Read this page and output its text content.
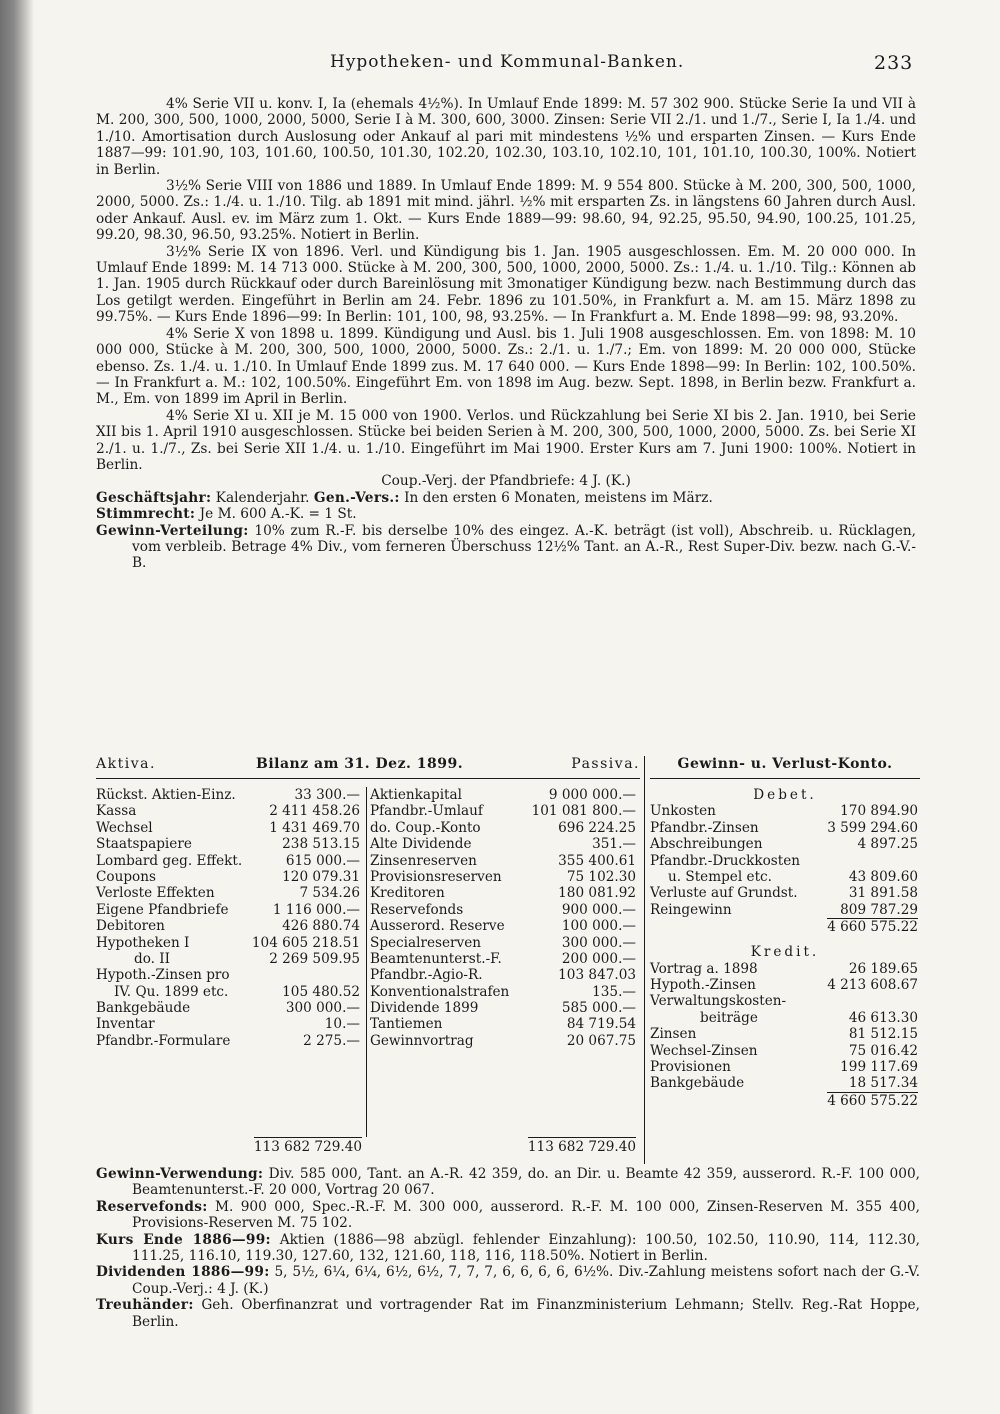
Hypotheken- und Kommunal-Banken.	233

4% Serie VII u. konv. I, Ia (ehemals 4½%). In Umlauf Ende 1899: M. 57 302 900. Stücke Serie Ia und VII à M. 200, 300, 500, 1000, 2000, 5000, Serie I à M. 300, 600, 3000. Zinsen: Serie VII 2./1. und 1./7., Serie I, Ia 1./4. und 1./10. Amortisation durch Auslosung oder Ankauf al pari mit mindestens ½% und ersparten Zinsen. — Kurs Ende 1887—99: 101.90, 103, 101.60, 100.50, 101.30, 102.20, 102.30, 103.10, 102.10, 101, 101.10, 100.30, 100%. Notiert in Berlin.

3½% Serie VIII von 1886 und 1889. In Umlauf Ende 1899: M. 9 554 800. Stücke à M. 200, 300, 500, 1000, 2000, 5000. Zs.: 1./4. u. 1./10. Tilg. ab 1891 mit mind. jährl. ½% mit ersparten Zs. in längstens 60 Jahren durch Ausl. oder Ankauf. Ausl. ev. im März zum 1. Okt. — Kurs Ende 1889—99: 98.60, 94, 92.25, 95.50, 94.90, 100.25, 101.25, 99.20, 98.30, 96.50, 93.25%. Notiert in Berlin.

3½% Serie IX von 1896. Verl. und Kündigung bis 1. Jan. 1905 ausgeschlossen. Em. M. 20 000 000. In Umlauf Ende 1899: M. 14 713 000. Stücke à M. 200, 300, 500, 1000, 2000, 5000. Zs.: 1./4. u. 1./10. Tilg.: Können ab 1. Jan. 1905 durch Rückkauf oder durch Bareinlösung mit 3monatiger Kündigung bezw. nach Bestimmung durch das Los getilgt werden. Eingeführt in Berlin am 24. Febr. 1896 zu 101.50%, in Frankfurt a. M. am 15. März 1898 zu 99.75%. — Kurs Ende 1896—99: In Berlin: 101, 100, 98, 93.25%. — In Frankfurt a. M. Ende 1898—99: 98, 93.20%.

4% Serie X von 1898 u. 1899. Kündigung und Ausl. bis 1. Juli 1908 ausgeschlossen. Em. von 1898: M. 10 000 000, Stücke à M. 200, 300, 500, 1000, 2000, 5000. Zs.: 2./1. u. 1./7.; Em. von 1899: M. 20 000 000, Stücke ebenso. Zs. 1./4. u. 1./10. In Umlauf Ende 1899 zus. M. 17 640 000. — Kurs Ende 1898—99: In Berlin: 102, 100.50%. — In Frankfurt a. M.: 102, 100.50%. Eingeführt Em. von 1898 im Aug. bezw. Sept. 1898, in Berlin bezw. Frankfurt a. M., Em. von 1899 im April in Berlin.

4% Serie XI u. XII je M. 15 000 von 1900. Verlos. und Rückzahlung bei Serie XI bis 2. Jan. 1910, bei Serie XII bis 1. April 1910 ausgeschlossen. Stücke bei beiden Serien à M. 200, 300, 500, 1000, 2000, 5000. Zs. bei Serie XI 2./1. u. 1./7., Zs. bei Serie XII 1./4. u. 1./10. Eingeführt im Mai 1900. Erster Kurs am 7. Juni 1900: 100%. Notiert in Berlin.

Coup.-Verj. der Pfandbriefe: 4 J. (K.)

Geschäftsjahr: Kalenderjahr. Gen.-Vers.: In den ersten 6 Monaten, meistens im März.

Stimmrecht: Je M. 600 A.-K. = 1 St.

Gewinn-Verteilung: 10% zum R.-F. bis derselbe 10% des eingez. A.-K. beträgt (ist voll), Abschreib. u. Rücklagen, vom verbleib. Betrage 4% Div., vom ferneren Überschuss 12½% Tant. an A.-R., Rest Super-Div. bezw. nach G.-V.-B.

Aktiva.	Bilanz am 31. Dez. 1899.	Passiva.
Rückst. Aktien-Einz.	33 300.—
Kassa	2 411 458.26
Wechsel	1 431 469.70
Staatspapiere	238 513.15
Lombard geg. Effekt.	615 000.—
Coupons	120 079.31
Verloste Effekten	7 534.26
Eigene Pfandbriefe	1 116 000.—
Debitoren	426 880.74
Hypotheken I	104 605 218.51
do. II	2 269 509.95
Hypoth.-Zinsen pro
IV. Qu. 1899 etc.	105 480.52
Bankgebäude	300 000.—
Inventar	10.—
Pfandbr.-Formulare	2 275.—
Aktienkapital	9 000 000.—
Pfandbr.-Umlauf	101 081 800.—
do. Coup.-Konto	696 224.25
Alte Dividende	351.—
Zinsenreserven	355 400.61
Provisionsreserven	75 102.30
Kreditoren	180 081.92
Reservefonds	900 000.—
Ausserord. Reserve	100 000.—
Specialreserven	300 000.—
Beamtenunterst.-F.	200 000.—
Pfandbr.-Agio-R.	103 847.03
Konventionalstrafen	135.—
Dividende 1899	585 000.—
Tantiemen	84 719.54
Gewinnvortrag	20 067.75
113 682 729.40	113 682 729.40
Gewinn- u. Verlust-Konto.
Debet.
Unkosten	170 894.90
Pfandbr.-Zinsen	3 599 294.60
Abschreibungen	4 897.25
Pfandbr.-Druckkosten
u. Stempel etc.	43 809.60
Verluste auf Grundst.	31 891.58
Reingewinn	809 787.29
4 660 575.22
Kredit.
Vortrag a. 1898	26 189.65
Hypoth.-Zinsen	4 213 608.67
Verwaltungskosten-
beiträge	46 613.30
Zinsen	81 512.15
Wechsel-Zinsen	75 016.42
Provisionen	199 117.69
Bankgebäude	18 517.34
4 660 575.22

Gewinn-Verwendung: Div. 585 000, Tant. an A.-R. 42 359, do. an Dir. u. Beamte 42 359, ausserord. R.-F. 100 000, Beamtenunterst.-F. 20 000, Vortrag 20 067.

Reservefonds: M. 900 000, Spec.-R.-F. M. 300 000, ausserord. R.-F. M. 100 000, Zinsen-Reserven M. 355 400, Provisions-Reserven M. 75 102.

Kurs Ende 1886—99: Aktien (1886—98 abzügl. fehlender Einzahlung): 100.50, 102.50, 110.90, 114, 112.30, 111.25, 116.10, 119.30, 127.60, 132, 121.60, 118, 116, 118.50%. Notiert in Berlin.

Dividenden 1886—99: 5, 5½, 6¼, 6¼, 6½, 6½, 7, 7, 7, 6, 6, 6, 6, 6½%. Div.-Zahlung meistens sofort nach der G.-V. Coup.-Verj.: 4 J. (K.)

Treuhänder: Geh. Oberfinanzrat und vortragender Rat im Finanzministerium Lehmann; Stellv. Reg.-Rat Hoppe, Berlin.
